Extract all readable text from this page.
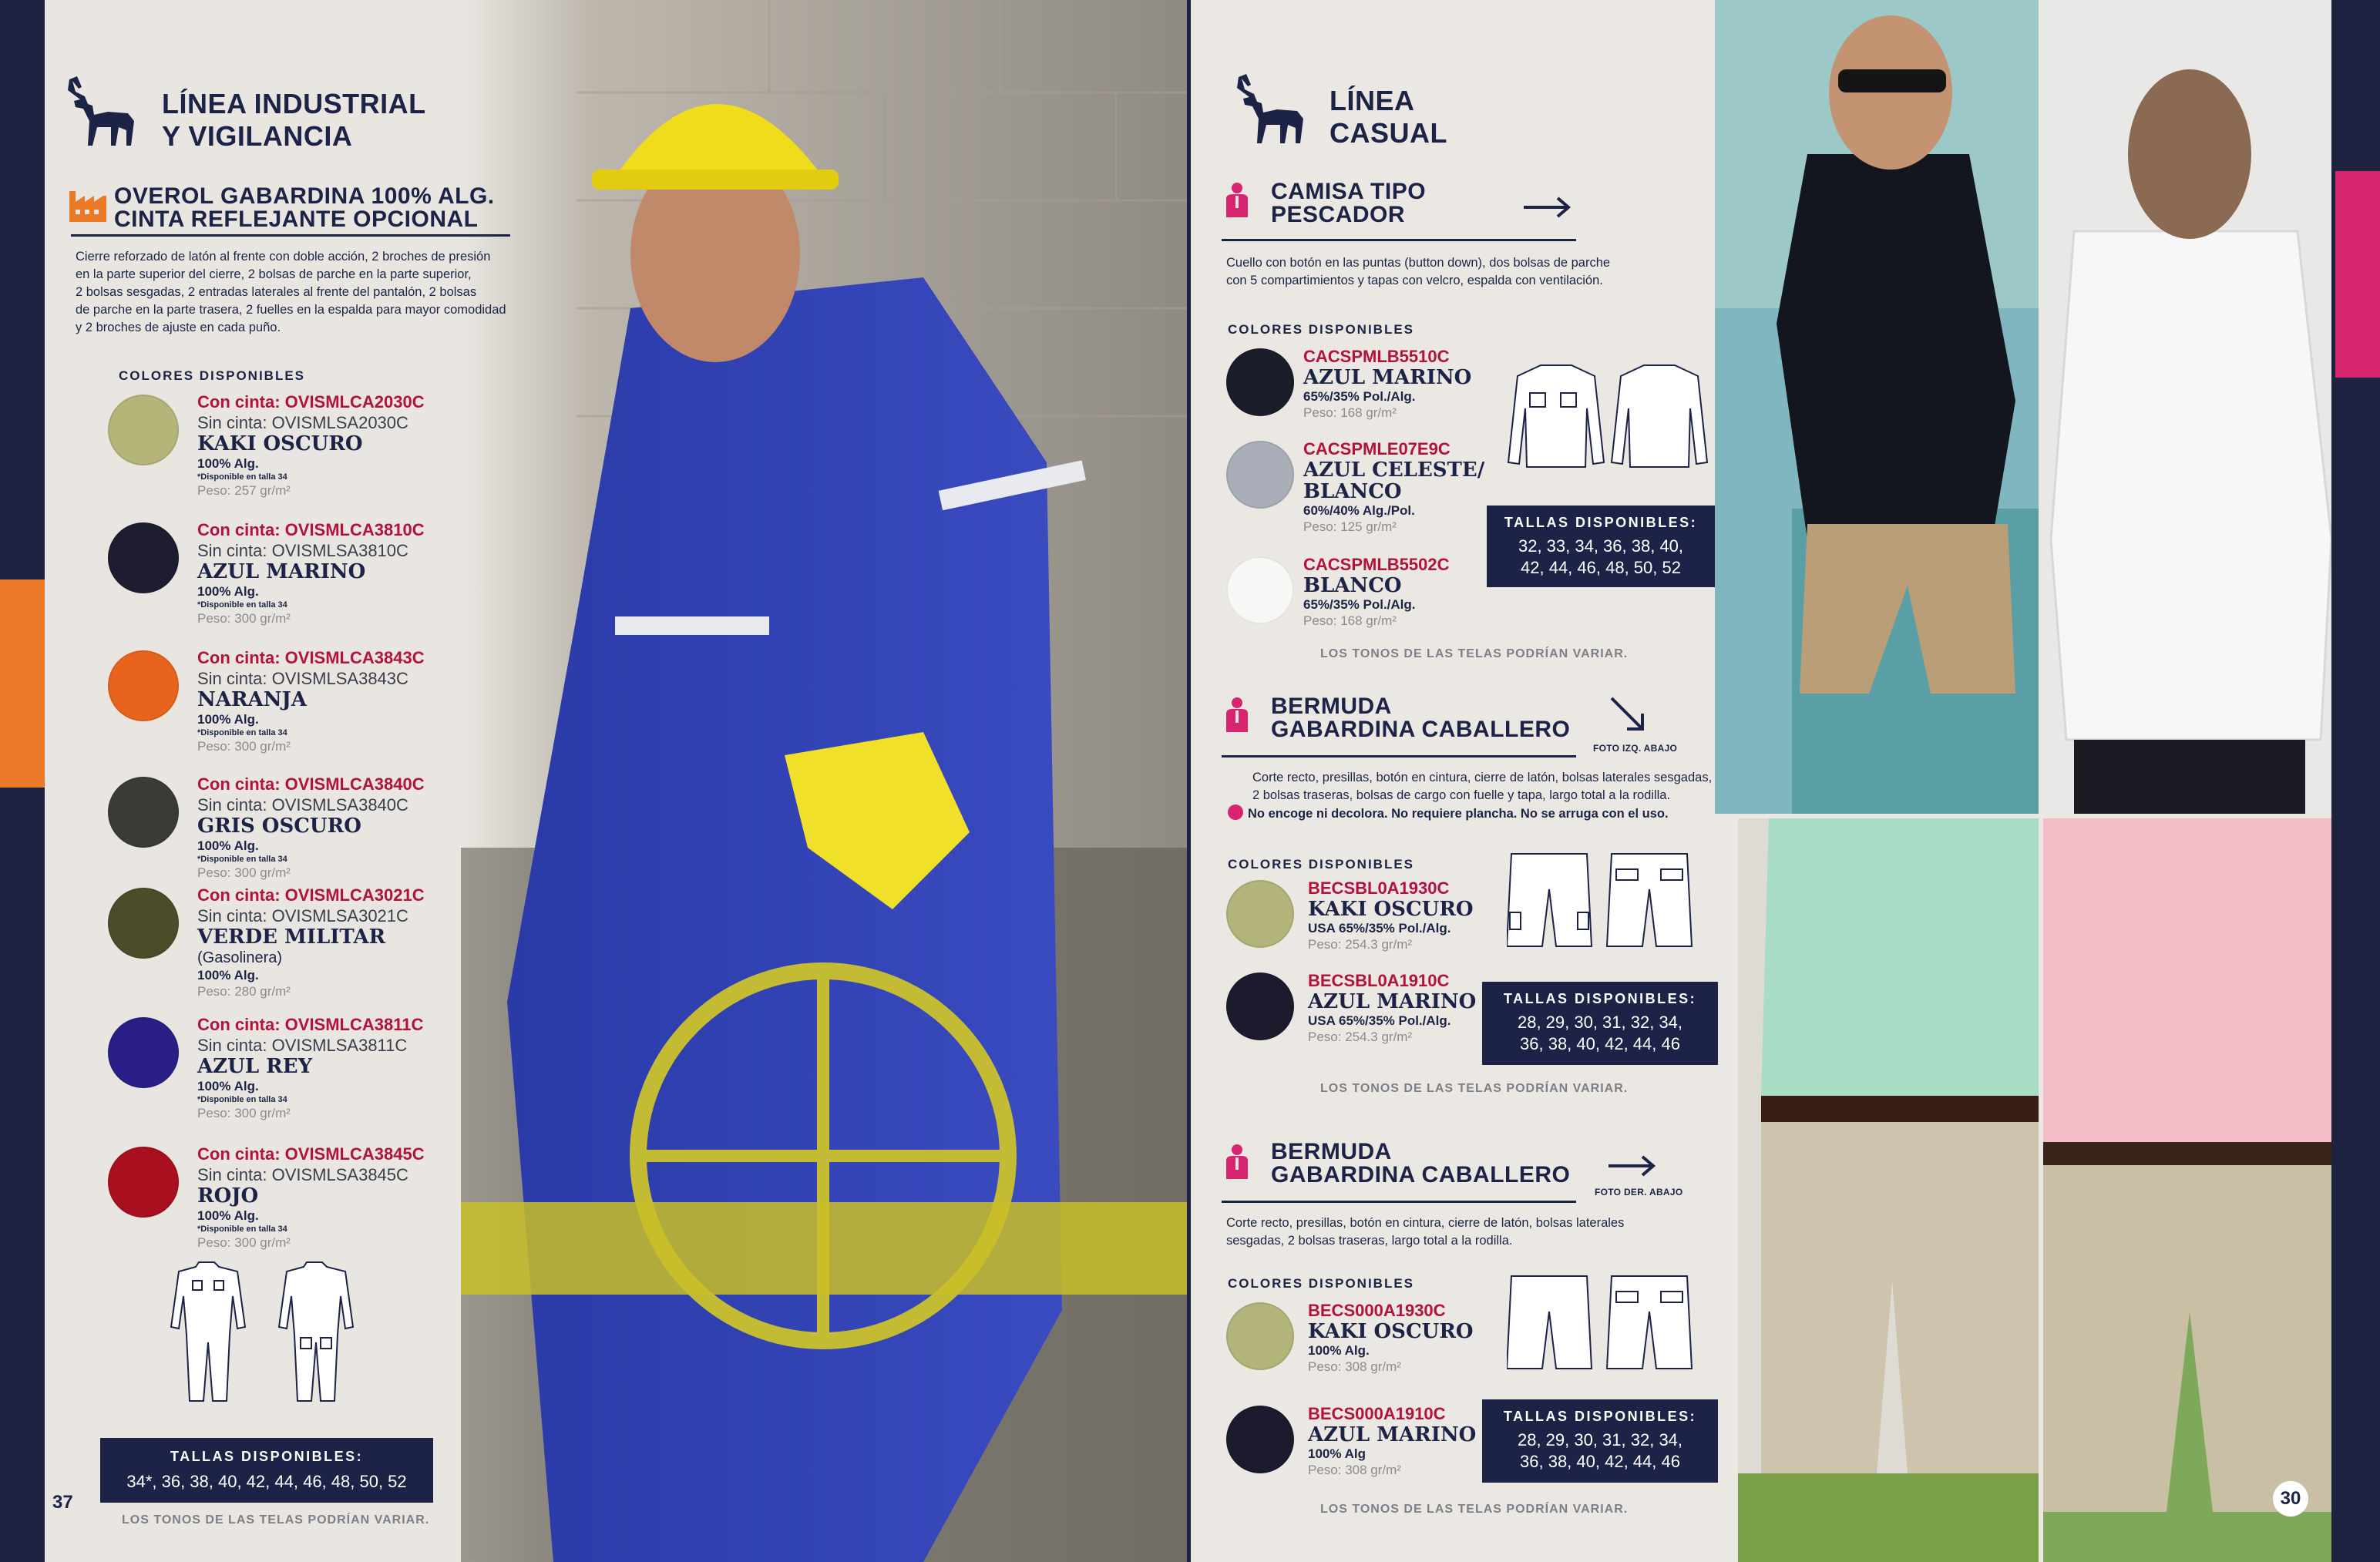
LÍNEA INDUSTRIAL
Y VIGILANCIA
OVEROL GABARDINA 100% ALG.
CINTA REFLEJANTE OPCIONAL
Cierre reforzado de latón al frente con doble acción, 2 broches de presión
en la parte superior del cierre, 2 bolsas de parche en la parte superior,
2 bolsas sesgadas, 2 entradas laterales al frente del pantalón, 2 bolsas
de parche en la parte trasera, 2 fuelles en la espalda para mayor comodidad
y 2 broches de ajuste en cada puño.
COLORES DISPONIBLES
Con cinta: OVISMLCA2030C
Sin cinta: OVISMLSA2030C
KAKI OSCURO
100% Alg.
*Disponible en talla 34
Peso: 257 gr/m²
Con cinta: OVISMLCA3810C
Sin cinta: OVISMLSA3810C
AZUL MARINO
100% Alg.
*Disponible en talla 34
Peso: 300 gr/m²
Con cinta: OVISMLCA3843C
Sin cinta: OVISMLSA3843C
NARANJA
100% Alg.
*Disponible en talla 34
Peso: 300 gr/m²
Con cinta: OVISMLCA3840C
Sin cinta: OVISMLSA3840C
GRIS OSCURO
100% Alg.
*Disponible en talla 34
Peso: 300 gr/m²
Con cinta: OVISMLCA3021C
Sin cinta: OVISMLSA3021C
VERDE MILITAR
(Gasolinera)
100% Alg.
Peso: 280 gr/m²
Con cinta: OVISMLCA3811C
Sin cinta: OVISMLSA3811C
AZUL REY
100% Alg.
*Disponible en talla 34
Peso: 300 gr/m²
Con cinta: OVISMLCA3845C
Sin cinta: OVISMLSA3845C
ROJO
100% Alg.
*Disponible en talla 34
Peso: 300 gr/m²
TALLAS DISPONIBLES:
34*, 36, 38, 40, 42, 44, 46, 48, 50, 52
LOS TONOS DE LAS TELAS PODRÍAN VARIAR.
37
LÍNEA
CASUAL
CAMISA TIPO
PESCADOR
Cuello con botón en las puntas (button down), dos bolsas de parche
con 5 compartimientos y tapas con velcro, espalda con ventilación.
COLORES DISPONIBLES
CACSPMLB5510C
AZUL MARINO
65%/35% Pol./Alg.
Peso: 168 gr/m²
CACSPMLE07E9C
AZUL CELESTE/
BLANCO
60%/40% Alg./Pol.
Peso: 125 gr/m²
CACSPMLB5502C
BLANCO
65%/35% Pol./Alg.
Peso: 168 gr/m²
TALLAS DISPONIBLES:
32, 33, 34, 36, 38, 40,
42, 44, 46, 48, 50, 52
LOS TONOS DE LAS TELAS PODRÍAN VARIAR.
BERMUDA
GABARDINA CABALLERO
FOTO IZQ. ABAJO
Corte recto, presillas, botón en cintura, cierre de latón, bolsas laterales sesgadas,
2 bolsas traseras, bolsas de cargo con fuelle y tapa, largo total a la rodilla.
No encoge ni decolora. No requiere plancha. No se arruga con el uso.
COLORES DISPONIBLES
BECSBL0A1930C
KAKI OSCURO
USA 65%/35% Pol./Alg.
Peso: 254.3 gr/m²
BECSBL0A1910C
AZUL MARINO
USA 65%/35% Pol./Alg.
Peso: 254.3 gr/m²
TALLAS DISPONIBLES:
28, 29, 30, 31, 32, 34,
36, 38, 40, 42, 44, 46
LOS TONOS DE LAS TELAS PODRÍAN VARIAR.
BERMUDA
GABARDINA CABALLERO
FOTO DER. ABAJO
Corte recto, presillas, botón en cintura, cierre de latón, bolsas laterales
sesgadas, 2 bolsas traseras, largo total a la rodilla.
COLORES DISPONIBLES
BECS000A1930C
KAKI OSCURO
100% Alg.
Peso: 308 gr/m²
BECS000A1910C
AZUL MARINO
100% Alg
Peso: 308 gr/m²
TALLAS DISPONIBLES:
28, 29, 30, 31, 32, 34,
36, 38, 40, 42, 44, 46
LOS TONOS DE LAS TELAS PODRÍAN VARIAR.
30
